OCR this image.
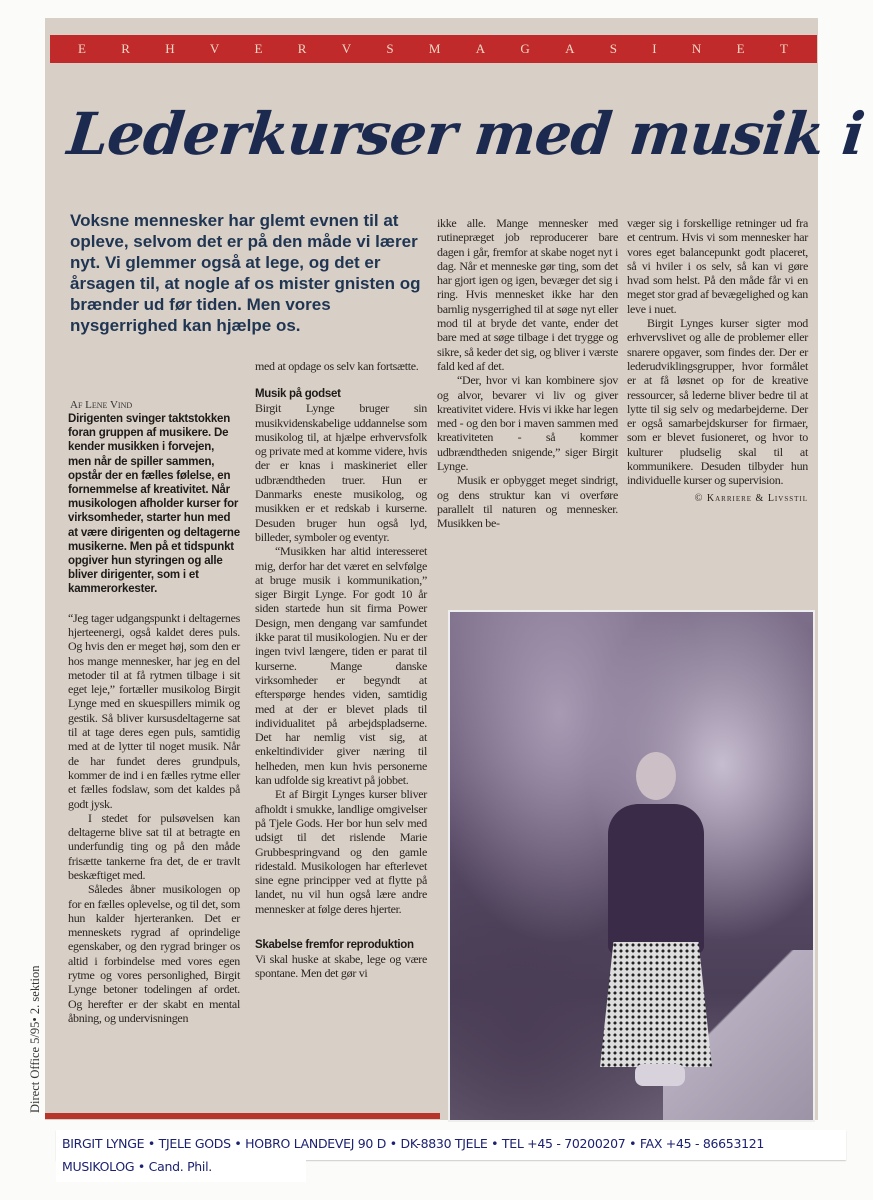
E	R	H	V	E	R	V	S	M	A	G	A	S	I	N	E	T
Lederkurser med musik i
Voksne mennesker har glemt evnen til at opleve, selvom det er på den måde vi lærer nyt. Vi glemmer også at lege, og det er årsagen til, at nogle af os mister gnisten og brænder ud før tiden. Men vores nysgerrighed kan hjælpe os.
Af Lene Vind

Dirigenten svinger taktstokken foran gruppen af musikere. De kender musikken i forvejen, men når de spiller sammen, opstår der en fælles følelse, en fornemmelse af kreativitet. Når musikologen afholder kurser for virksomheder, starter hun med at være dirigenten og deltagerne musikerne. Men på et tidspunkt opgiver hun styringen og alle bliver dirigenter, som i et kammerorkester.

“Jeg tager udgangspunkt i deltagernes hjerteenergi, også kaldet deres puls. Og hvis den er meget høj, som den er hos mange mennesker, har jeg en del metoder til at få rytmen tilbage i sit eget leje,” fortæller musikolog Birgit Lynge med en skuespillers mimik og gestik. Så bliver kursusdeltagerne sat til at tage deres egen puls, samtidig med at de lytter til noget musik. Når de har fundet deres grundpuls, kommer de ind i en fælles rytme eller et fælles fodslaw, som det kaldes på godt jysk.

I stedet for pulsøvelsen kan deltagerne blive sat til at betragte en underfundig ting og på den måde frisætte tankerne fra det, de er travlt beskæftiget med.

Således åbner musikologen op for en fælles oplevelse, og til det, som hun kalder hjerteranken. Det er menneskets rygrad af oprindelige egenskaber, og den rygrad bringer os altid i forbindelse med vores egen rytme og vores personlighed, Birgit Lynge betoner todelingen af ordet. Og herefter er der skabt en mental åbning, og undervisningen

med at opdage os selv kan fortsætte.

Musik på godset

Birgit Lynge bruger sin musikvidenskabelige uddannelse som musikolog til, at hjælpe erhvervsfolk og private med at komme videre, hvis der er knas i maskineriet eller udbrændtheden truer. Hun er Danmarks eneste musikolog, og musikken er et redskab i kurserne. Desuden bruger hun også lyd, billeder, symboler og eventyr.

“Musikken har altid interesseret mig, derfor har det været en selvfølge at bruge musik i kommunikation,” siger Birgit Lynge. For godt 10 år siden startede hun sit firma Power Design, men dengang var samfundet ikke parat til musikologien. Nu er der ingen tvivl længere, tiden er parat til kurserne. Mange danske virksomheder er begyndt at efterspørge hendes viden, samtidig med at der er blevet plads til individualitet på arbejdspladserne. Det har nemlig vist sig, at enkeltindivider giver næring til helheden, men kun hvis personerne kan udfolde sig kreativt på jobbet.

Et af Birgit Lynges kurser bliver afholdt i smukke, landlige omgivelser på Tjele Gods. Her bor hun selv med udsigt til det rislende Marie Grubbespringvand og den gamle ridestald. Musikologen har efterlevet sine egne principper ved at flytte på landet, nu vil hun også lære andre mennesker at følge deres hjerter.

Skabelse fremfor reproduktion

Vi skal huske at skabe, lege og være spontane. Men det gør vi

ikke alle. Mange mennesker med rutinepræget job reproducerer bare dagen i går, fremfor at skabe noget nyt i dag. Når et menneske gør ting, som det har gjort igen og igen, bevæger det sig i ring. Hvis mennesket ikke har den barnlig nysgerrighed til at søge nyt eller mod til at bryde det vante, ender det bare med at søge tilbage i det trygge og sikre, så keder det sig, og bliver i værste fald ked af det.

“Der, hvor vi kan kombinere sjov og alvor, bevarer vi liv og giver kreativitet videre. Hvis vi ikke har legen med - og den bor i maven sammen med kreativiteten - så kommer udbrændtheden snigende,” siger Birgit Lynge.

Musik er opbygget meget sindrigt, og dens struktur kan vi overføre parallelt til naturen og mennesker. Musikken be-

væger sig i forskellige retninger ud fra et centrum. Hvis vi som mennesker har vores eget balancepunkt godt placeret, så vi hviler i os selv, så kan vi gøre hvad som helst. På den måde får vi en meget stor grad af bevægelighed og kan leve i nuet.

Birgit Lynges kurser sigter mod erhvervslivet og alle de problemer eller snarere opgaver, som findes der. Der er lederudviklingsgrupper, hvor formålet er at få løsnet op for de kreative ressourcer, så lederne bliver bedre til at lytte til sig selv og medarbejderne. Der er også samarbejdskurser for firmaer, som er blevet fusioneret, og hvor to kulturer pludselig skal til at kommunikere. Desuden tilbyder hun individuelle kurser og supervision.

© Karriere & Livsstil
Direct Office 5/95• 2. sektion
BIRGIT LYNGE • TJELE GODS • HOBRO LANDEVEJ 90 D • DK-8830 TJELE • TEL +45 - 70200207 • FAX +45 - 86653121
MUSIKOLOG • Cand. Phil.
